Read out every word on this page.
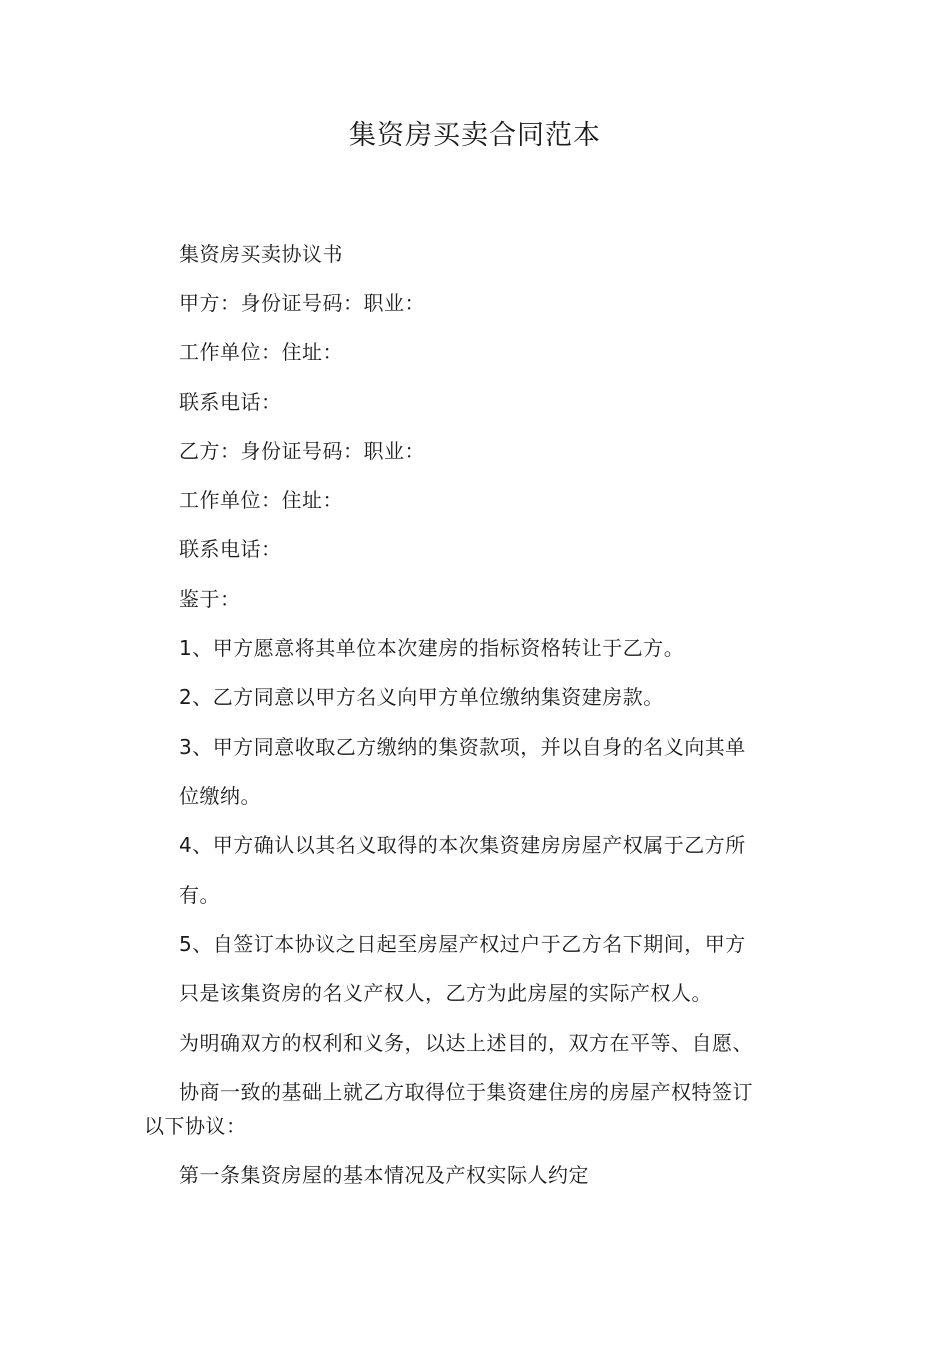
集资房买卖合同范本

集资房买卖协议书

甲方：身份证号码：职业：

工作单位：住址：

联系电话：

乙方：身份证号码：职业：

工作单位：住址：

联系电话：

鉴于：

1、甲方愿意将其单位本次建房的指标资格转让于乙方。

2、乙方同意以甲方名义向甲方单位缴纳集资建房款。

3、甲方同意收取乙方缴纳的集资款项，并以自身的名义向其单

位缴纳。

4、甲方确认以其名义取得的本次集资建房房屋产权属于乙方所

有。

5、自签订本协议之日起至房屋产权过户于乙方名下期间，甲方

只是该集资房的名义产权人，乙方为此房屋的实际产权人。

为明确双方的权利和义务，以达上述目的，双方在平等、自愿、

协商一致的基础上就乙方取得位于集资建住房的房屋产权特签订

以下协议：

第一条集资房屋的基本情况及产权实际人约定
